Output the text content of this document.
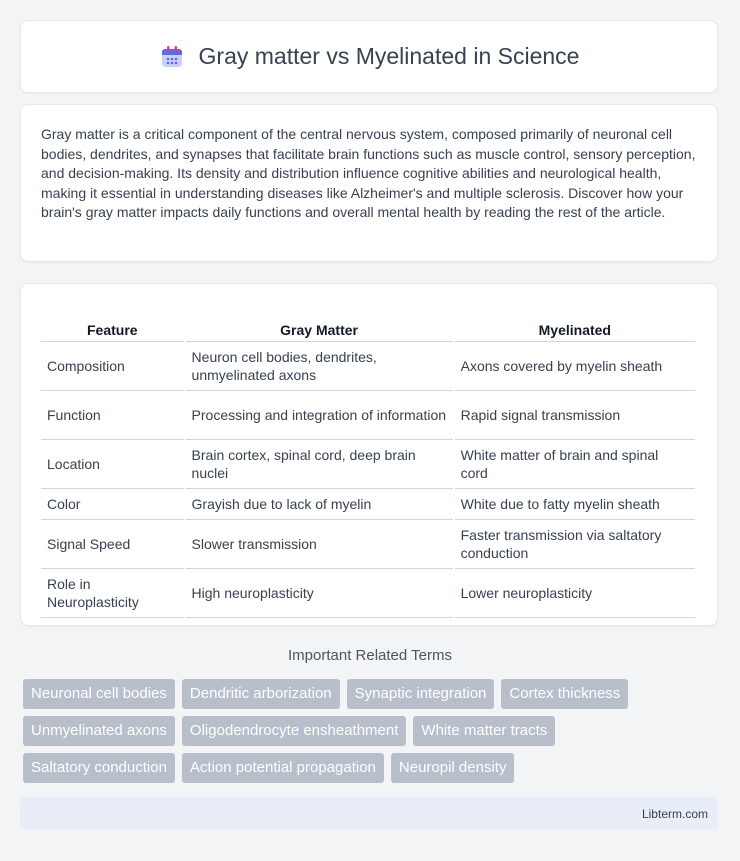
Gray matter vs Myelinated in Science

Gray matter is a critical component of the central nervous system, composed primarily of neuronal cell bodies, dendrites, and synapses that facilitate brain functions such as muscle control, sensory perception, and decision-making. Its density and distribution influence cognitive abilities and neurological health, making it essential in understanding diseases like Alzheimer's and multiple sclerosis. Discover how your brain's gray matter impacts daily functions and overall mental health by reading the rest of the article.

Feature	Gray Matter	Myelinated
Composition	Neuron cell bodies, dendrites, unmyelinated axons	Axons covered by myelin sheath
Function	Processing and integration of information	Rapid signal transmission
Location	Brain cortex, spinal cord, deep brain nuclei	White matter of brain and spinal cord
Color	Grayish due to lack of myelin	White due to fatty myelin sheath
Signal Speed	Slower transmission	Faster transmission via saltatory conduction
Role in Neuroplasticity	High neuroplasticity	Lower neuroplasticity
Important Related Terms
Neuronal cell bodies	Dendritic arborization	Synaptic integration	Cortex thickness
Unmyelinated axons	Oligodendrocyte ensheathment	White matter tracts
Saltatory conduction	Action potential propagation	Neuropil density
Libterm.com
